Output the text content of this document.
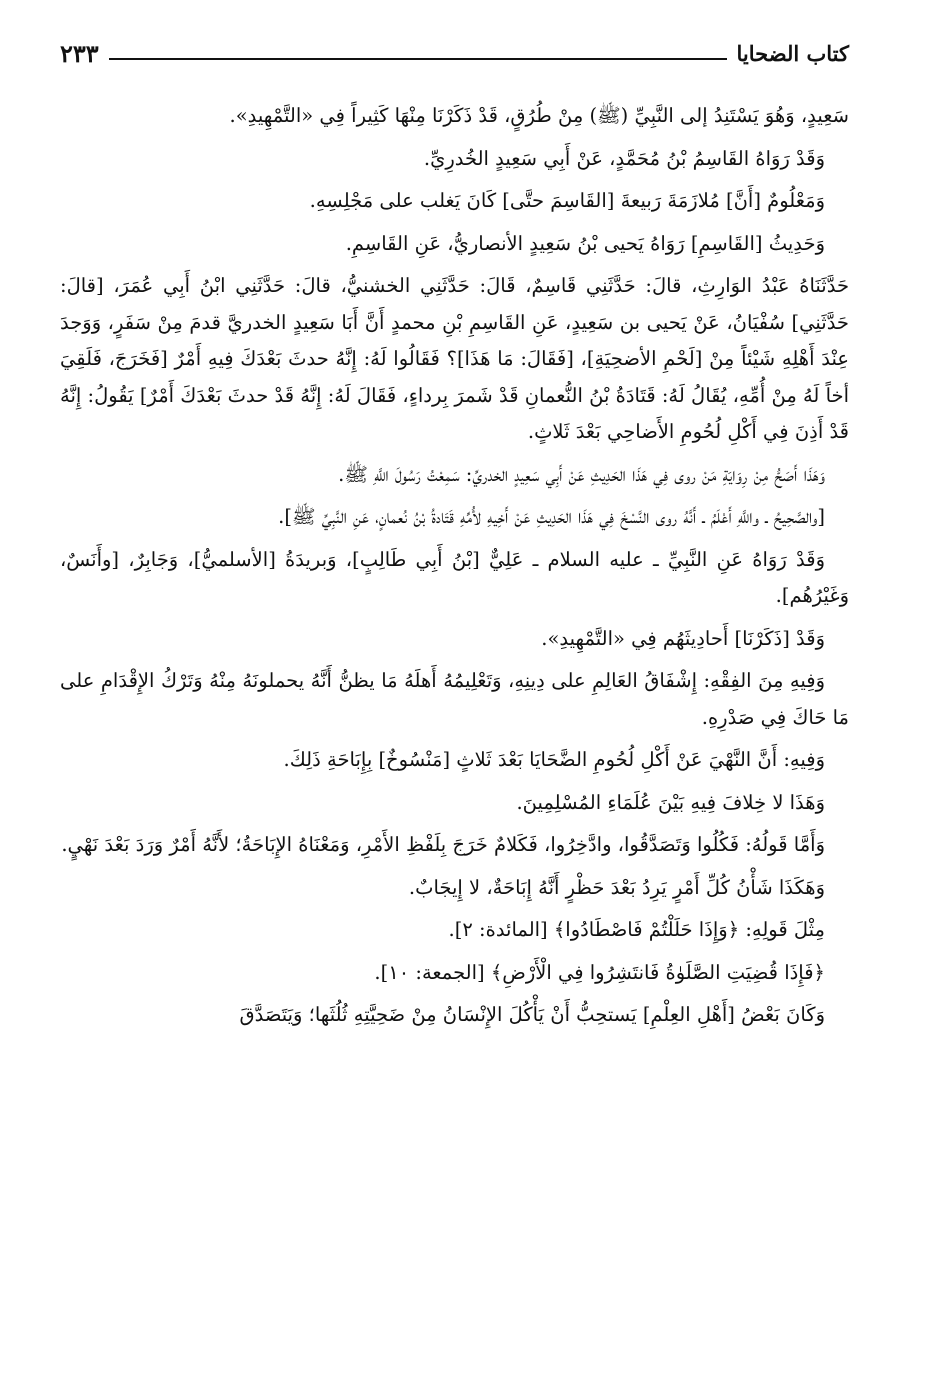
كتاب الضحايا
٢٣٣

سَعِيدٍ، وَهُوَ يَسْتَنِدُ إلى النَّبِيِّ (ﷺ) مِنْ طُرُقٍ، قَدْ ذَكَرْنَا مِنْهَا كَثِيراً فِي «التَّمْهِيدِ».

وَقَدْ رَوَاهُ القَاسِمُ بْنُ مُحَمَّدٍ، عَنْ أَبِي سَعِيدٍ الخُدرِيِّ.

وَمَعْلُومٌ [أَنَّ] مُلازَمَةَ رَبيعةَ [القَاسِمَ حتَّى] كَانَ يَغلب على مَجْلِسِهِ.

وَحَدِيثُ [القَاسِمِ] رَوَاهُ يَحيى بْنُ سَعِيدٍ الأنصاريُّ، عَنِ القَاسِمِ.

حَدَّثَنَاهُ عَبْدُ الوَارِثِ، قالَ: حَدَّثَنِي قَاسِمٌ، قَالَ: حَدَّثَنِي الخشنيُّ، قالَ: حَدَّثَنِي ابْنُ أَبِي عُمَرَ، [قالَ: حَدَّثَنِي] سُفْيَانُ، عَنْ يَحيى بن سَعِيدٍ، عَنِ القَاسِمِ بْنِ محمدٍ أَنَّ أَبَا سَعِيدٍ الخدريَّ قدمَ مِنْ سَفَرٍ، وَوَجدَ عِنْدَ أَهْلِهِ شَيْئاً مِنْ [لَحْمِ الأضحِيَةِ]، [فَقَالَ: مَا هَذَا]؟ فَقَالُوا لَهُ: إِنَّهُ حدثَ بَعْدَكَ فِيهِ أَمْرٌ [فَخَرَجَ، فَلَقِيَ أخاً لَهُ مِنْ أُمِّهِ، يُقَالُ لَهُ: قَتَادَةُ بْنُ النُّعمانِ قَدْ شَمرَ بِرداءٍ، فَقَالَ لَهُ: إِنَّهُ قَدْ حدثَ بَعْدَكَ أَمْرٌ] يَقُولُ: إِنَّهُ قَدْ أَذِنَ فِي أَكْلِ لُحُومِ الأَضاحِي بَعْدَ ثَلاثٍ.

وَهَذَا أَصَحُّ مِنْ رِوَايَةِ مَنْ روى فِي هَذَا الحَدِيثِ عَنْ أَبِي سَعِيدٍ الخدريِّ: سَمِعْتُ رَسُولَ اللَّهِ ﷺ.

[والصَّحِيحُ ـ واللَّهِ أَعْلَمُ ـ أَنَّهُ روى النَّسْخَ فِي هَذَا الحَدِيثِ عَنْ أَخِيهِ لأُمِّهِ قَتَادةُ بْنُ نُعمانٍ، عَنِ النَّبِيِّ ﷺ].

وَقَدْ رَوَاهُ عَنِ النَّبِيِّ ـ عليه السلام ـ عَلِيٌّ [بْنُ أَبِي طَالِبٍ]، وَبريدَةُ [الأسلميُّ]، وَجَابِرٌ، [وأَنَسٌ، وَغَيْرُهُم].

وَقَدْ [ذَكَرْنَا] أَحادِيثَهُم فِي «التَّمْهِيدِ».

وَفِيهِ مِنَ الفِقْهِ: إِشْفَاقُ العَالِمِ على دِينِهِ، وَتَعْلِيمُهُ أَهلَهُ مَا يظنُّ أَنَّهُ يحملونَهُ مِنْهُ وَتَرْكُ الإِقْدَامِ على مَا حَاكَ فِي صَدْرِهِ.

وَفِيهِ: أَنَّ النَّهْيَ عَنْ أَكْلِ لُحُومِ الضَّحَايَا بَعْدَ ثَلاثٍ [مَنْسُوخٌ] بِإِبَاحَةِ ذَلِكَ.

وَهَذَا لا خِلافَ فِيهِ بَيْنَ عُلَمَاءِ المُسْلِمِينَ.

وَأَمَّا قَولُهُ: فَكُلُوا وَتَصَدَّقُوا، وادَّخِرُوا، فَكَلامٌ خَرَجَ بِلَفْظِ الأَمْرِ، وَمَعْنَاهُ الإِبَاحَةُ؛ لأَنَّهُ أَمْرٌ وَرَدَ بَعْدَ نَهْيٍ.

وَهَكَذَا شَأْنُ كُلِّ أَمْرٍ يَرِدُ بَعْدَ حَظْرٍ أَنَّهُ إِبَاحَةٌ، لا إِيجَابٌ.

مِثْلَ قَولِهِ: ﴿وَإِذَا حَلَلْتُمْ فَاصْطَادُوا﴾ [المائدة: ٢].

﴿فَإِذَا قُضِيَتِ الصَّلَوٰةُ فَانتَشِرُوا فِي الْأَرْضِ﴾ [الجمعة: ١٠].

وَكَانَ بَعْضُ [أَهْلِ العِلْمِ] يَستحِبُّ أَنْ يَأْكُلَ الإِنْسَانُ مِنْ ضَحِيَّتِهِ ثُلُثَها؛ وَيَتَصَدَّقَ
